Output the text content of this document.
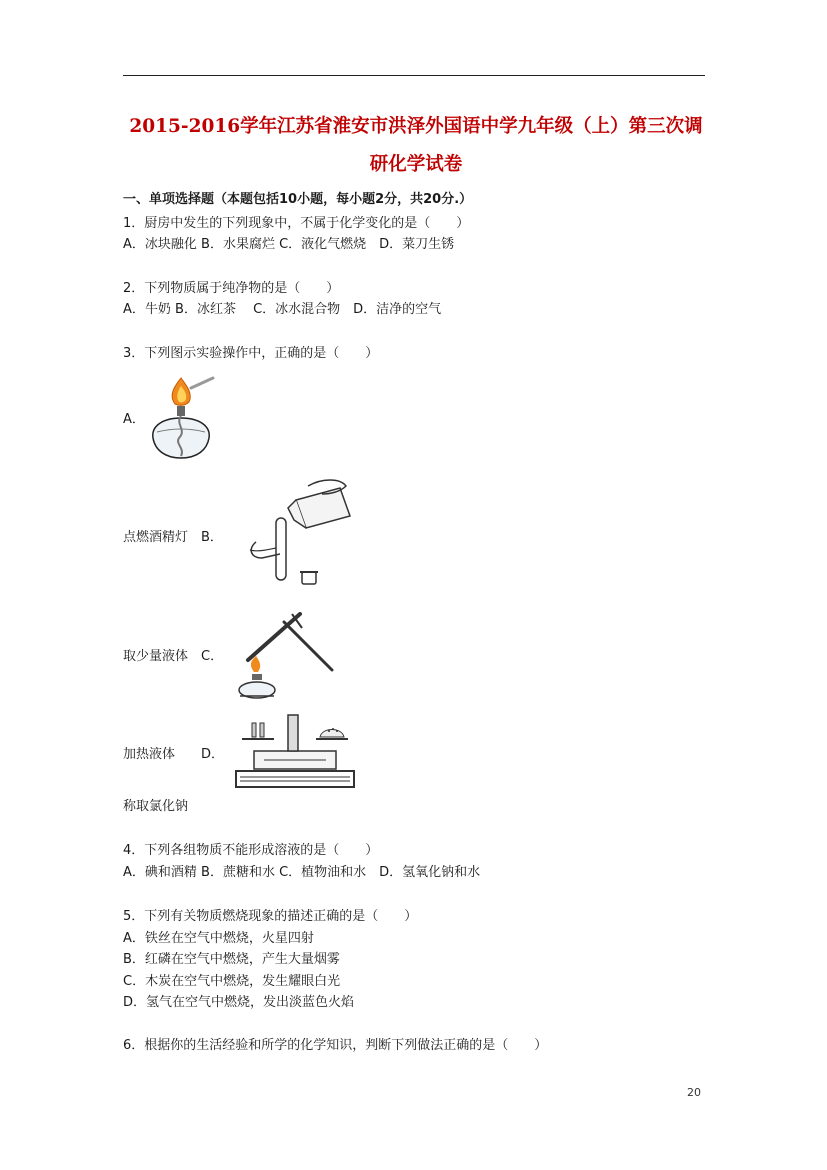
2015-2016学年江苏省淮安市洪泽外国语中学九年级（上）第三次调
研化学试卷
一、单项选择题（本题包括10小题，每小题2分，共20分.）
1．厨房中发生的下列现象中，不属于化学变化的是（　　）
A．冰块融化 B．水果腐烂 C．液化气燃烧　D．菜刀生锈
2．下列物质属于纯净物的是（　　）
A．牛奶 B．冰红茶　 C．冰水混合物　D．洁净的空气
3．下列图示实验操作中，正确的是（　　）
A．
点燃酒精灯　B．
取少量液体　C．
加热液体　　D．
称取氯化钠
4．下列各组物质不能形成溶液的是（　　）
A．碘和酒精 B．蔗糖和水 C．植物油和水　D．氢氧化钠和水
5．下列有关物质燃烧现象的描述正确的是（　　）
A．铁丝在空气中燃烧，火星四射
B．红磷在空气中燃烧，产生大量烟雾
C．木炭在空气中燃烧，发生耀眼白光
D．氢气在空气中燃烧，发出淡蓝色火焰
6．根据你的生活经验和所学的化学知识，判断下列做法正确的是（　　）
20
